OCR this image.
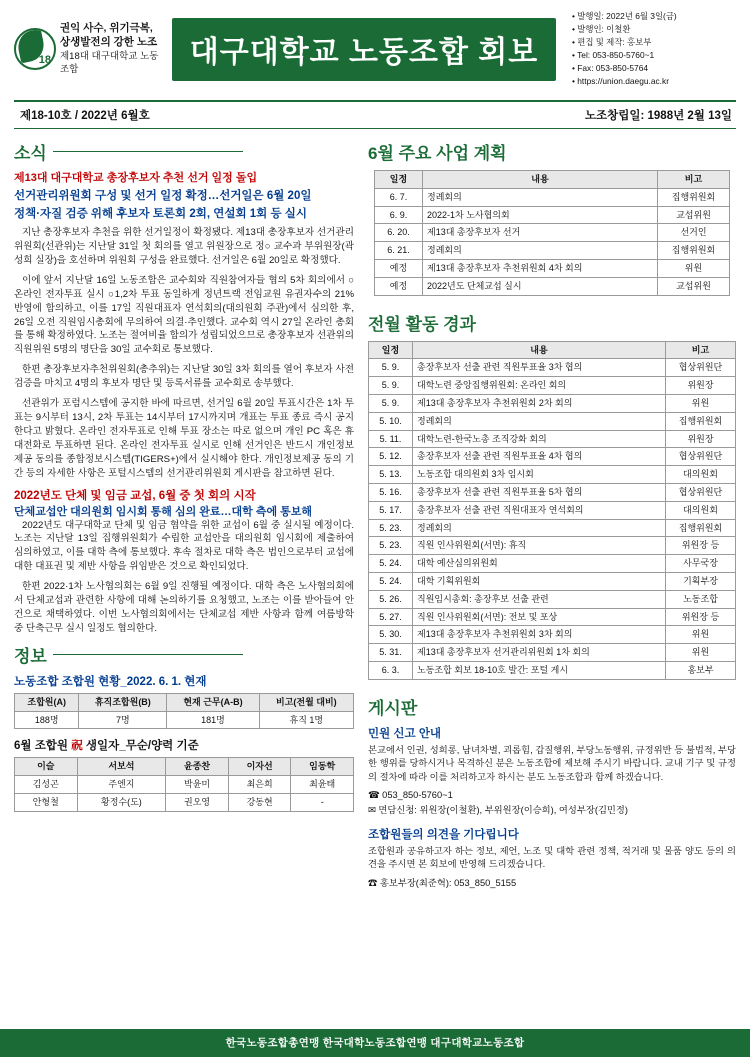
18
권익 사수, 위기극복,
상생발전의 강한 노조
제18대 대구대학교 노동조합
대구대학교 노동조합 회보
• 발행일: 2022년 6월 3일(금)
• 발행인: 이철환
• 편집 및 제작: 홍보부
• Tel: 053-850-5760~1
• Fax: 053-850-5764
• https://union.daegu.ac.kr
제18-10호 / 2022년 6월호	노조창립일: 1988년 2월 13일
소식
제13대 대구대학교 총장후보자 추천 선거 일정 돌입
선거관리위원회 구성 및 선거 일정 확정…선거일은 6월 20일
정책·자질 검증 위해 후보자 토론회 2회, 연설회 1회 등 실시

지난 총장후보자 추천을 위한 선거일정이 확정됐다. 제13대 총장후보자 선거관리위원회(선관위)는 지난달 31일 첫 회의를 열고 위원장으로 정○ 교수과 부위원장(곽성희 실장)을 호선하며 위원회 구성을 완료했다. 선거일은 6월 20일로 확정했다.

이에 앞서 지난달 16일 노동조합은 교수회와 직원참여자들 협의 5차 회의에서 ○온라인 전자투표 실시 ○1,2차 투표 동일하게 정년트랙 전임교원 유권자수의 21% 반영에 합의하고, 이를 17일 직원대표자 연석회의(대의원회 주관)에서 심의한 후, 26일 오전 직원임시총회에 무의하여 의결·추인했다. 교수회 역시 27일 온라인 총회를 통해 확정하였다. 노조는 절여비율 합의가 성립되었으므로 총장후보자 선관위의 직원위원 5명의 명단을 30일 교수회로 통보했다.

한편 총장후보자추천위원회(총추위)는 지난달 30일 3차 회의를 열어 후보자 사전검증을 마치고 4명의 후보자 명단 및 등록서류를 교수회로 송부했다.

선관위가 포럼시스템에 공지한 바에 따르면, 선거일 6월 20일 투표시간은 1차 투표는 9시부터 13시, 2차 투표는 14시부터 17시까지며 개표는 투표 종료 즉시 공지한다고 밝혔다. 온라인 전자투표로 인해 투표 장소는 따로 없으며 개인 PC 혹은 휴대전화로 투표하면 된다. 온라인 전자투표 실시로 인해 선거인은 반드시 개인정보제공 동의를 종합정보시스템(TIGERS+)에서 실시해야 한다. 개인정보제공 동의 기간 등의 자세한 사항은 포털시스템의 선거관리위원회 게시판을 참고하면 된다.

2022년도 단체 및 임금 교섭, 6월 중 첫 회의 시작
단체교섭안 대의원회 임시회 통해 심의 완료…대학 측에 통보해

2022년도 대구대학교 단체 및 임금 협약을 위한 교섭이 6월 중 실시될 예정이다. 노조는 지난달 13일 집행위원회가 수립한 교섭안을 대의원회 임시회에 제출하여 심의하였고, 이를 대학 측에 통보했다. 후속 절차로 대학 측은 법인으로부터 교섭에 대한 대표권 및 제반 사항을 위임받은 것으로 확인되었다.

한편 2022·1차 노사협의회는 6월 9일 진행될 예정이다. 대학 측은 노사협의회에서 단체교섭과 관련한 사항에 대해 논의하기를 요청했고, 노조는 이를 받아들여 안건으로 채택하였다. 이번 노사협의회에서는 단체교섭 제반 사항과 함께 여름방학 중 단축근무 실시 일정도 협의한다.

정보
노동조합 조합원 현황_2022. 6. 1. 현재
조합원(A)	휴직조합원(B)	현재 근무(A-B)	비고(전월 대비)
188명	7명	181명	휴직 1명
6월 조합원 祝 생일자_무순/양력 기준
이슬	서보석	윤종찬	이자선	임동학
김성곤	주엔지	박윤미	최은희	최윤태
안형철	황정수(도)	권오영	강동현	-
6월 주요 사업 계획
일정	내용	비고
6. 7.	정례회의	집행위원회
6. 9.	2022-1차 노사협의회	교섭위원
6. 20.	제13대 총장후보자 선거	선거인
6. 21.	정례회의	집행위원회
예정	제13대 총장후보자 추천위원회 4차 회의	위원
예정	2022년도 단체교섭 실시	교섭위원
전월 활동 경과
일정	내용	비고
5. 9.	총장후보자 선출 관련 직원투표율 3차 협의	협상위원단
5. 9.	대학노련 중앙집행위원회: 온라인 회의	위원장
5. 9.	제13대 총장후보자 추천위원회 2차 회의	위원
5. 10.	정례회의	집행위원회
5. 11.	대학노련-한국노총 조직강화 회의	위원장
5. 12.	총장후보자 선출 관련 직원투표율 4차 협의	협상위원단
5. 13.	노동조합 대의원회 3차 임시회	대의원회
5. 16.	총장후보자 선출 관련 직원투표율 5차 협의	협상위원단
5. 17.	총장후보자 선출 관련 직원대표자 연석회의	대의원회
5. 23.	정례회의	집행위원회
5. 23.	직원 인사위원회(서면): 휴직	위원장 등
5. 24.	대학 예산심의위원회	사무국장
5. 24.	대학 기획위원회	기획부장
5. 26.	직원임시총회: 총장후보 선출 관련	노동조합
5. 27.	직원 인사위원회(서면): 전보 및 포상	위원장 등
5. 30.	제13대 총장후보자 추천위원회 3차 회의	위원
5. 31.	제13대 총장후보자 선거관리위원회 1차 회의	위원
6. 3.	노동조합 회보 18-10호 발간: 포털 게시	홍보부
게시판
민원 신고 안내

본교에서 인권, 성희롱, 남녀차별, 괴롭힘, 갑질행위, 부당노동행위, 규정위반 등 불법적, 부당한 행위를 당하시거나 목격하신 분은 노동조합에 제보해 주시기 바랍니다. 교내 기구 및 규정의 절차에 따라 이를 처리하고자 하시는 분도 노동조합과 함께 하겠습니다.

☎ 053_850-5760~1
✉ 면담신청: 위원장(이철환), 부위원장(이승희), 여성부장(김민정)
조합원들의 의견을 기다립니다

조합원과 공유하고자 하는 정보, 제언, 노조 및 대학 관련 정책, 적거래 및 물품 양도 등의 의견을 주시면 본 회보에 반영해 드리겠습니다.

☎ 홍보부장(최준혁): 053_850_5155
한국노동조합총연맹 한국대학노동조합연맹 대구대학교노동조합
